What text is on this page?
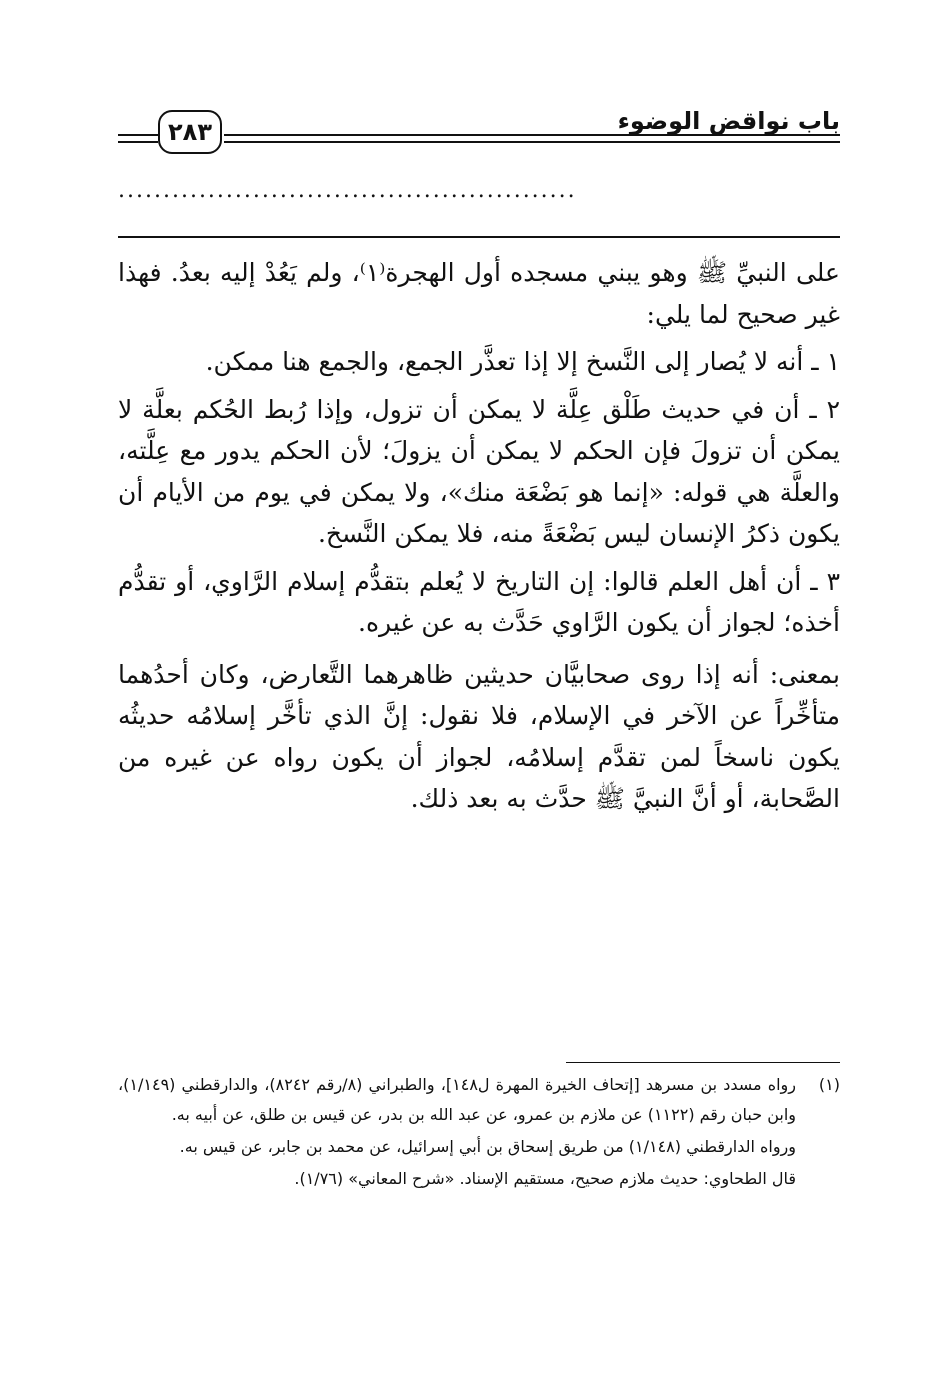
٢٨٣	باب نواقض الوضوء
...................................................

على النبيِّ ﷺ وهو يبني مسجده أول الهجرة⁽١⁾، ولم يَعُدْ إليه بعدُ. فهذا غير صحيح لما يلي:

١ ـ أنه لا يُصار إلى النَّسخ إلا إذا تعذَّر الجمع، والجمع هنا ممكن.

٢ ـ أن في حديث طَلْق عِلَّة لا يمكن أن تزول، وإذا رُبط الحُكم بعلَّة لا يمكن أن تزولَ فإن الحكم لا يمكن أن يزولَ؛ لأن الحكم يدور مع عِلَّته، والعلَّة هي قوله: «إنما هو بَضْعَة منك»، ولا يمكن في يوم من الأيام أن يكون ذكرُ الإنسان ليس بَضْعَةً منه، فلا يمكن النَّسخ.

٣ ـ أن أهل العلم قالوا: إن التاريخ لا يُعلم بتقدُّم إسلام الرَّاوي، أو تقدُّم أخذه؛ لجواز أن يكون الرَّاوي حَدَّث به عن غيره.

بمعنى: أنه إذا روى صحابيَّان حديثين ظاهرهما التَّعارض، وكان أحدُهما متأخِّراً عن الآخر في الإسلام، فلا نقول: إنَّ الذي تأخَّر إسلامُه حديثُه يكون ناسخاً لمن تقدَّم إسلامُه، لجواز أن يكون رواه عن غيره من الصَّحابة، أو أنَّ النبيَّ ﷺ حدَّث به بعد ذلك.

(١)

رواه مسدد بن مسرهد [إتحاف الخيرة المهرة ل١٤٨]، والطبراني (٨/رقم ٨٢٤٢)، والدارقطني (١/١٤٩)، وابن حبان رقم (١١٢٢) عن ملازم بن عمرو، عن عبد الله بن بدر، عن قيس بن طلق، عن أبيه به.

ورواه الدارقطني (١/١٤٨) من طريق إسحاق بن أبي إسرائيل، عن محمد بن جابر، عن قيس به.

قال الطحاوي: حديث ملازم صحيح، مستقيم الإسناد. «شرح المعاني» (١/٧٦).
